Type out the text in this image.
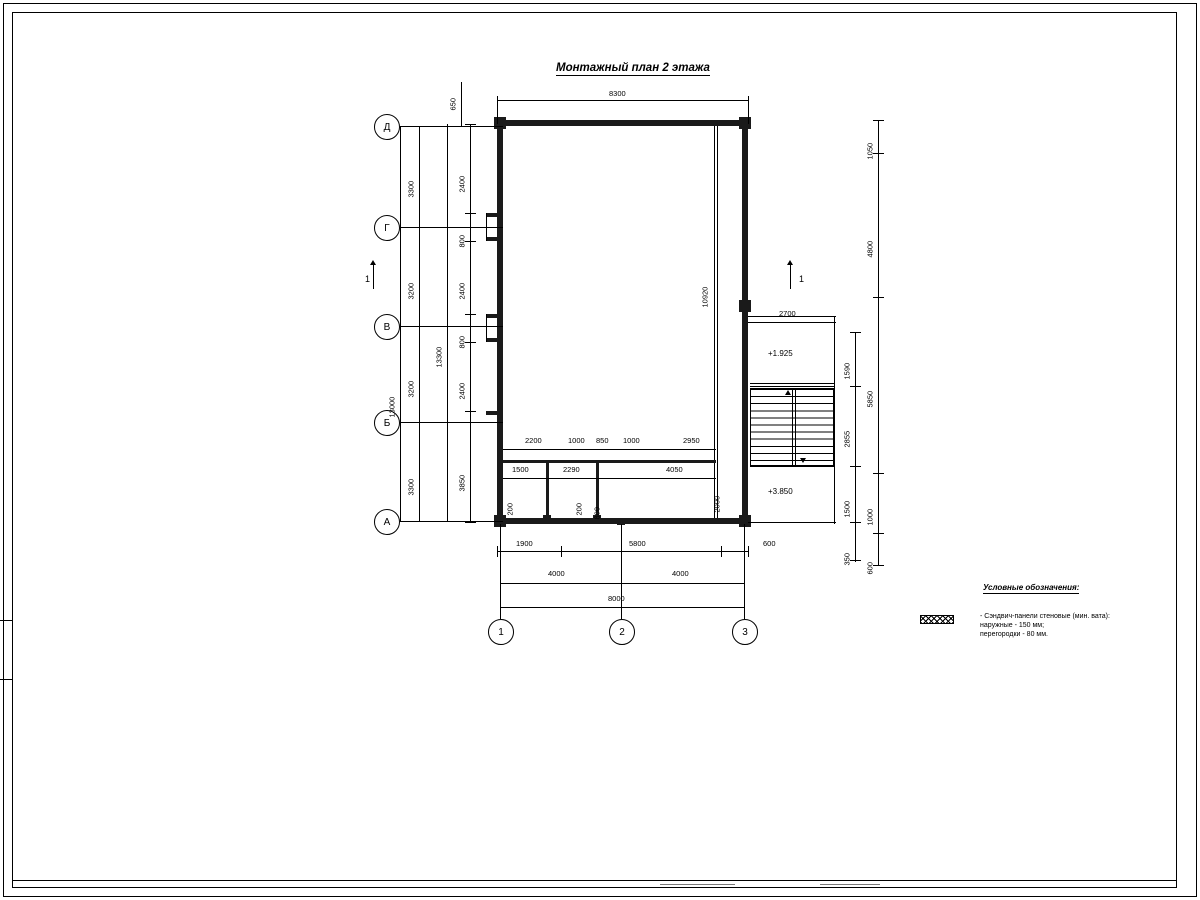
Монтажный план 2 этажа
+1.925
+3.850
Д
Г
В
Б
А
1	2	3
13000
3300
3200
3200
3300
13300
2400
800
2400
800
2400
3850
8300
650
1050
4800
5850
1000
600
1590
2855
1500
350
10920
2000
2700
2200	1000 850 1000	2950
1500	2290	4050
200	200 800
1900	5800	600
4000	4000
8000
1	1
Условные обозначения:
- Сэндвич-панели стеновые (мин. вата):
наружные - 150 мм;
перегородки - 80 мм.
